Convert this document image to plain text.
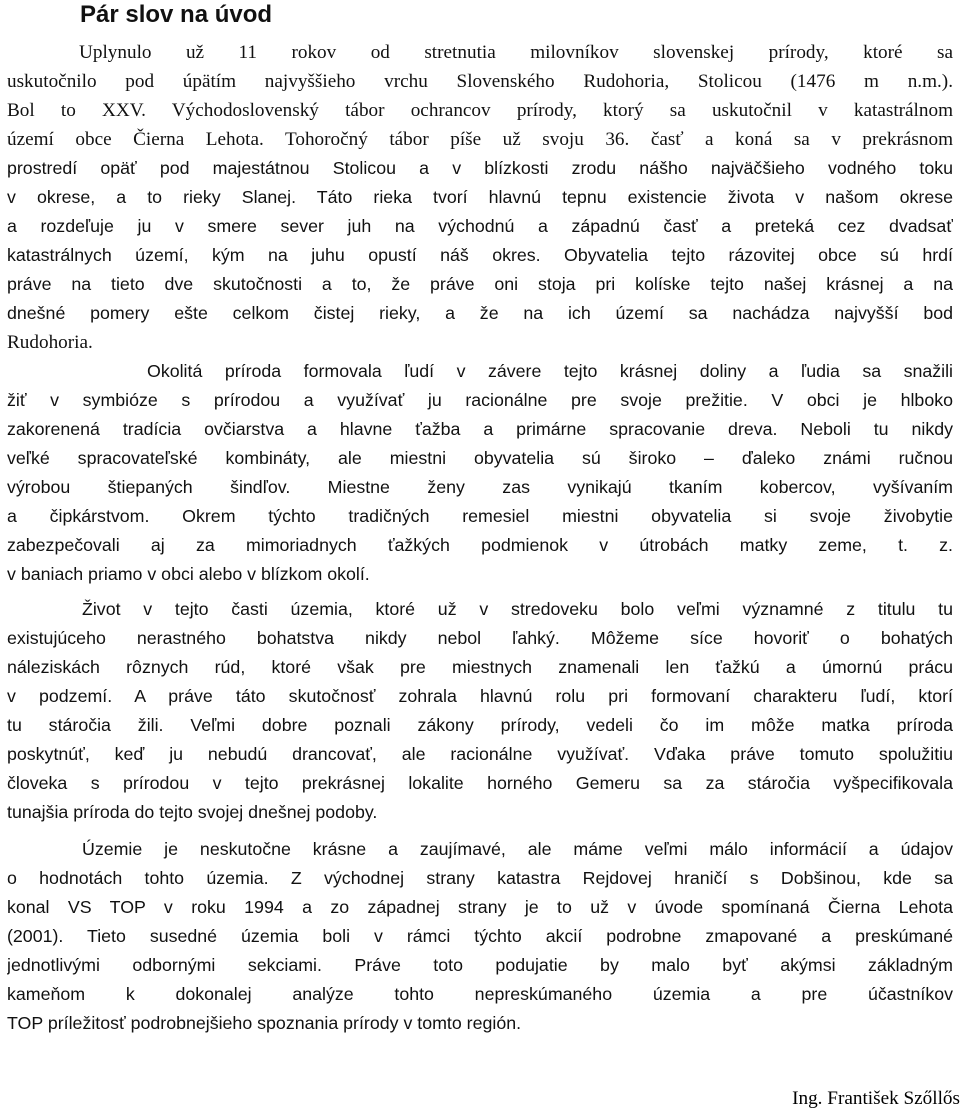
Pár slov na úvod
Uplynulo už 11 rokov od stretnutia milovníkov slovenskej prírody, ktoré sa
uskutočnilo pod úpätím najvyššieho vrchu Slovenského Rudohoria, Stolicou (1476 m n.m.).
Bol to XXV. Východoslovenský tábor ochrancov prírody, ktorý sa uskutočnil v katastrálnom
území obce Čierna Lehota. Tohoročný tábor píše už svoju 36. časť a koná sa v prekrásnom
prostredí opäť pod majestátnou Stolicou a v blízkosti zrodu nášho najväčšieho vodného toku
v okrese, a to rieky Slanej. Táto rieka tvorí hlavnú tepnu existencie života v našom okrese
a rozdeľuje ju v smere sever juh na východnú a západnú časť a preteká cez dvadsať
katastrálnych území, kým na juhu opustí náš okres. Obyvatelia tejto rázovitej obce sú hrdí
práve na tieto dve skutočnosti a to, že práve oni stoja pri kolíske tejto našej krásnej a na
dnešné pomery ešte celkom čistej rieky, a že na ich území sa nachádza najvyšší bod
Rudohoria.
Okolitá príroda formovala ľudí v závere tejto krásnej doliny a ľudia sa snažili
žiť v symbióze s prírodou a využívať ju racionálne pre svoje prežitie. V obci je hlboko
zakorenená tradícia ovčiarstva a hlavne ťažba a primárne spracovanie dreva. Neboli tu nikdy
veľké spracovateľské kombináty, ale miestni obyvatelia sú široko – ďaleko známi ručnou
výrobou štiepaných šindľov. Miestne ženy zas vynikajú tkaním kobercov, vyšívaním
a čipkárstvom. Okrem týchto tradičných remesiel miestni obyvatelia si svoje živobytie
zabezpečovali aj za mimoriadnych ťažkých podmienok v útrobách matky zeme, t. z.
v baniach priamo v obci alebo v blízkom okolí.
Život v tejto časti územia, ktoré už v stredoveku bolo veľmi významné z titulu tu
existujúceho nerastného bohatstva nikdy nebol ľahký. Môžeme síce hovoriť o bohatých
náleziskách rôznych rúd, ktoré však pre miestnych znamenali len ťažkú a úmornú prácu
v podzemí. A práve táto skutočnosť zohrala hlavnú rolu pri formovaní charakteru ľudí, ktorí
tu stáročia žili. Veľmi dobre poznali zákony prírody, vedeli čo im môže matka príroda
poskytnúť, keď ju nebudú drancovať, ale racionálne využívať. Vďaka práve tomuto spolužitiu
človeka s prírodou v tejto prekrásnej lokalite horného Gemeru sa za stáročia vyšpecifikovala
tunajšia príroda do tejto svojej dnešnej podoby.
Územie je neskutočne krásne a zaujímavé, ale máme veľmi málo informácií a údajov
o hodnotách tohto územia. Z východnej strany katastra Rejdovej hraničí s Dobšinou, kde sa
konal VS TOP v roku 1994 a zo západnej strany je to už v úvode spomínaná Čierna Lehota
(2001). Tieto susedné územia boli v rámci týchto akcií podrobne zmapované a preskúmané
jednotlivými odbornými sekciami. Práve toto podujatie by malo byť akýmsi základným
kameňom k dokonalej analýze tohto nepreskúmaného územia a pre účastníkov
TOP príležitosť podrobnejšieho spoznania prírody v tomto región.
Ing. František Szőllős
